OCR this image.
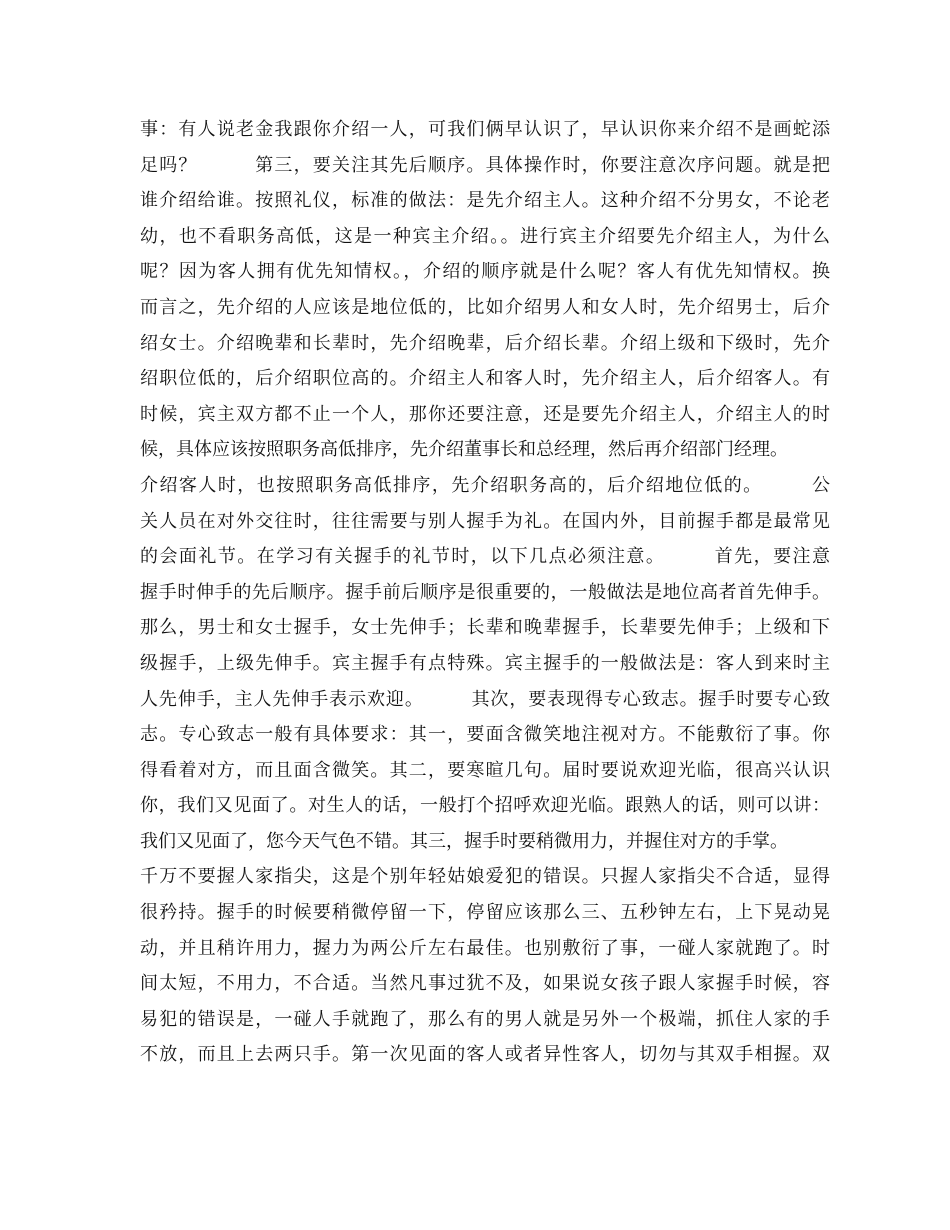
事：有人说老金我跟你介绍一人，可我们俩早认识了，早认识你来介绍不是画蛇添
足吗？　　　第三，要关注其先后顺序。具体操作时，你要注意次序问题。就是把
谁介绍给谁。按照礼仪，标准的做法：是先介绍主人。这种介绍不分男女，不论老
幼，也不看职务高低，这是一种宾主介绍。。进行宾主介绍要先介绍主人，为什么
呢？因为客人拥有优先知情权。，介绍的顺序就是什么呢？客人有优先知情权。换
而言之，先介绍的人应该是地位低的，比如介绍男人和女人时，先介绍男士，后介
绍女士。介绍晚辈和长辈时，先介绍晚辈，后介绍长辈。介绍上级和下级时，先介
绍职位低的，后介绍职位高的。介绍主人和客人时，先介绍主人，后介绍客人。有
时候，宾主双方都不止一个人，那你还要注意，还是要先介绍主人，介绍主人的时
候，具体应该按照职务高低排序，先介绍董事长和总经理，然后再介绍部门经理。
介绍客人时，也按照职务高低排序，先介绍职务高的，后介绍地位低的。　　　公
关人员在对外交往时，往往需要与别人握手为礼。在国内外，目前握手都是最常见
的会面礼节。在学习有关握手的礼节时，以下几点必须注意。　　　首先，要注意
握手时伸手的先后顺序。握手前后顺序是很重要的，一般做法是地位高者首先伸手。
那么，男士和女士握手，女士先伸手；长辈和晚辈握手，长辈要先伸手；上级和下
级握手，上级先伸手。宾主握手有点特殊。宾主握手的一般做法是：客人到来时主
人先伸手，主人先伸手表示欢迎。　　　其次，要表现得专心致志。握手时要专心致
志。专心致志一般有具体要求：其一，要面含微笑地注视对方。不能敷衍了事。你
得看着对方，而且面含微笑。其二，要寒暄几句。届时要说欢迎光临，很高兴认识
你，我们又见面了。对生人的话，一般打个招呼欢迎光临。跟熟人的话，则可以讲：
我们又见面了，您今天气色不错。其三，握手时要稍微用力，并握住对方的手掌。
千万不要握人家指尖，这是个别年轻姑娘爱犯的错误。只握人家指尖不合适，显得
很矜持。握手的时候要稍微停留一下，停留应该那么三、五秒钟左右，上下晃动晃
动，并且稍许用力，握力为两公斤左右最佳。也别敷衍了事，一碰人家就跑了。时
间太短，不用力，不合适。当然凡事过犹不及，如果说女孩子跟人家握手时候，容
易犯的错误是，一碰人手就跑了，那么有的男人就是另外一个极端，抓住人家的手
不放，而且上去两只手。第一次见面的客人或者异性客人，切勿与其双手相握。双
